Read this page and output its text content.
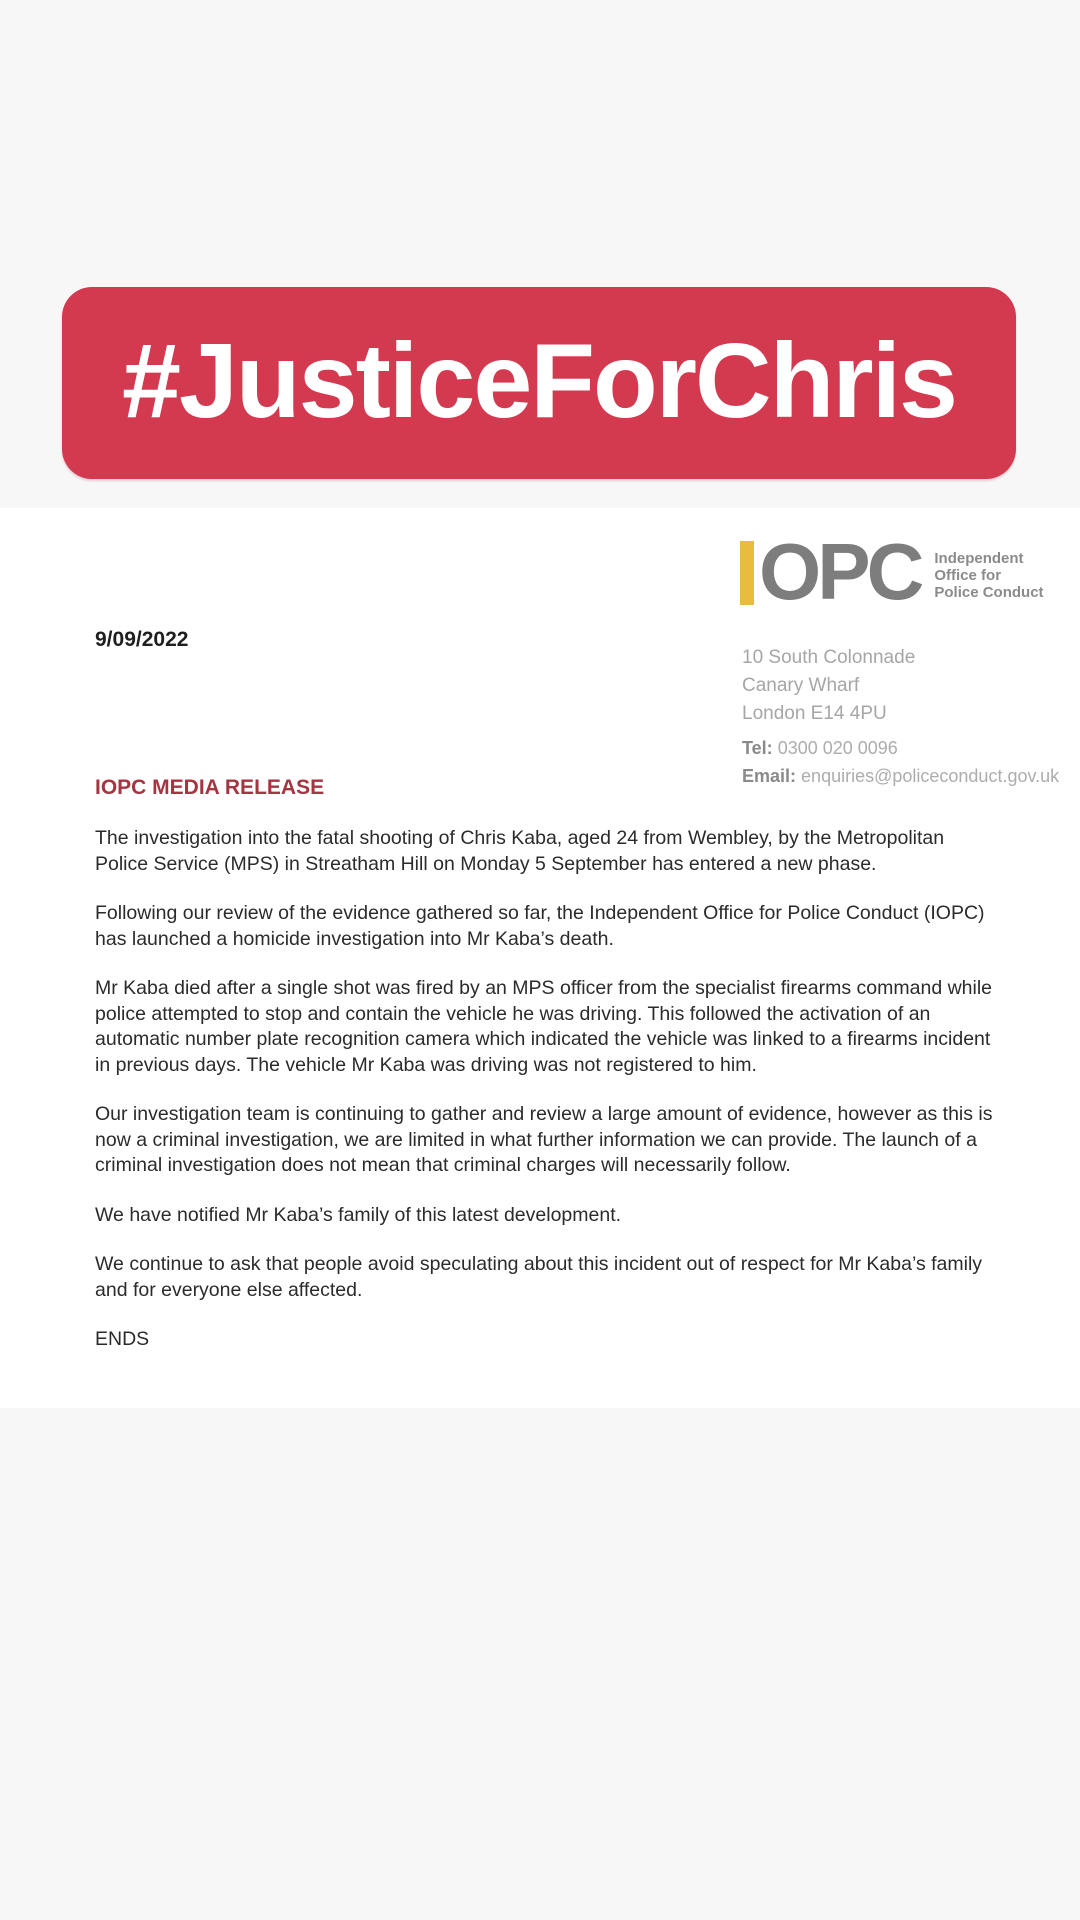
#JusticeForChris
OPC Independent
Office for
Police Conduct
9/09/2022
10 South Colonnade
Canary Wharf
London E14 4PU
Tel: 0300 020 0096
Email: enquiries@policeconduct.gov.uk
IOPC MEDIA RELEASE

The investigation into the fatal shooting of Chris Kaba, aged 24 from Wembley, by the Metropolitan Police Service (MPS) in Streatham Hill on Monday 5 September has entered a new phase.

Following our review of the evidence gathered so far, the Independent Office for Police Conduct (IOPC) has launched a homicide investigation into Mr Kaba’s death.

Mr Kaba died after a single shot was fired by an MPS officer from the specialist firearms command while police attempted to stop and contain the vehicle he was driving. This followed the activation of an automatic number plate recognition camera which indicated the vehicle was linked to a firearms incident in previous days. The vehicle Mr Kaba was driving was not registered to him.

Our investigation team is continuing to gather and review a large amount of evidence, however as this is now a criminal investigation, we are limited in what further information we can provide. The launch of a criminal investigation does not mean that criminal charges will necessarily follow.

We have notified Mr Kaba’s family of this latest development.

We continue to ask that people avoid speculating about this incident out of respect for Mr Kaba’s family and for everyone else affected.

ENDS
